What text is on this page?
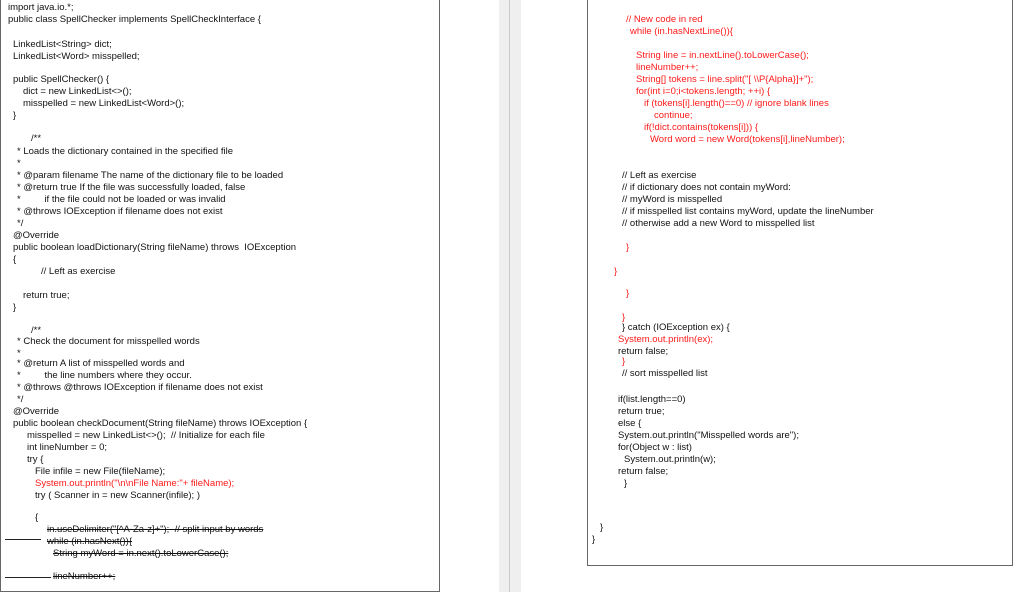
import java.io.*;
public class SpellChecker implements SpellCheckInterface {
LinkedList<String> dict;
LinkedList<Word> misspelled;
public SpellChecker() {
dict = new LinkedList<>();
misspelled = new LinkedList<Word>();
}
/**
* Loads the dictionary contained in the specified file
*
* @param filename The name of the dictionary file to be loaded
* @return true If the file was successfully loaded, false
*         if the file could not be loaded or was invalid
* @throws IOException if filename does not exist
*/
@Override
public boolean loadDictionary(String fileName) throws  IOException
{
// Left as exercise
return true;
}
/**
* Check the document for misspelled words
*
* @return A list of misspelled words and
*         the line numbers where they occur.
* @throws @throws IOException if filename does not exist
*/
@Override
public boolean checkDocument(String fileName) throws IOException {
misspelled = new LinkedList<>();  // Initialize for each file
int lineNumber = 0;
try {
File infile = new File(fileName);
System.out.println("\n\nFile Name:"+ fileName);
try ( Scanner in = new Scanner(infile); )
{
in.useDelimiter("[^A-Za-z]+");  // split input by words
while (in.hasNext()){
String myWord = in.next().toLowerCase();
lineNumber++;
// New code in red
while (in.hasNextLine()){
String line = in.nextLine().toLowerCase();
lineNumber++;
String[] tokens = line.split("[ \\P{Alpha}]+");
for(int i=0;i<tokens.length; ++i) {
if (tokens[i].length()==0) // ignore blank lines
continue;
if(!dict.contains(tokens[i])) {
Word word = new Word(tokens[i],lineNumber);
// Left as exercise
// if dictionary does not contain myWord:
// myWord is misspelled
// if misspelled list contains myWord, update the lineNumber
// otherwise add a new Word to misspelled list
}
}
}
}
} catch (IOException ex) {
System.out.println(ex);
return false;
}
// sort misspelled list
if(list.length==0)
return true;
else {
System.out.println("Misspelled words are");
for(Object w : list)
System.out.println(w);
return false;
}
}
}
